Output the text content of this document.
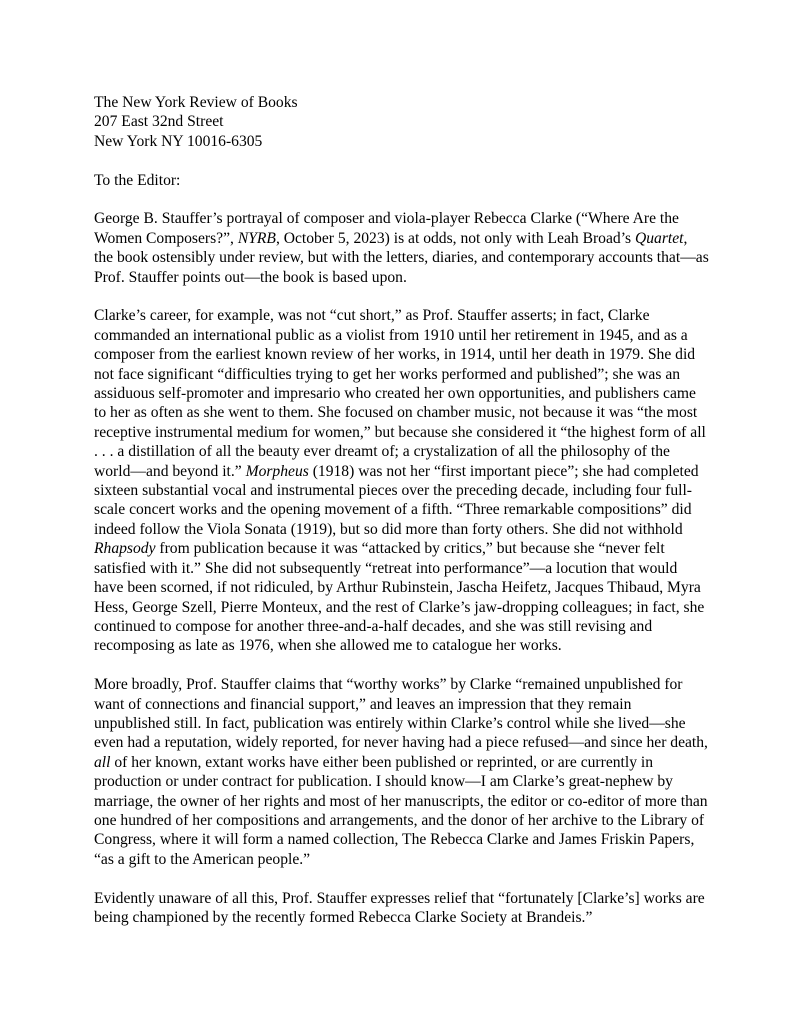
The New York Review of Books
207 East 32nd Street
New York NY 10016-6305

To the Editor:

George B. Stauffer’s portrayal of composer and viola-player Rebecca Clarke (“Where Are the Women Composers?”, NYRB, October 5, 2023) is at odds, not only with Leah Broad’s Quartet, the book ostensibly under review, but with the letters, diaries, and contemporary accounts that—as Prof. Stauffer points out—the book is based upon.

Clarke’s career, for example, was not “cut short,” as Prof. Stauffer asserts; in fact, Clarke commanded an international public as a violist from 1910 until her retirement in 1945, and as a composer from the earliest known review of her works, in 1914, until her death in 1979. She did not face significant “difficulties trying to get her works performed and published”; she was an assiduous self-promoter and impresario who created her own opportunities, and publishers came to her as often as she went to them. She focused on chamber music, not because it was “the most receptive instrumental medium for women,” but because she considered it “the highest form of all . . . a distillation of all the beauty ever dreamt of; a crystalization of all the philosophy of the world—and beyond it.” Morpheus (1918) was not her “first important piece”; she had completed sixteen substantial vocal and instrumental pieces over the preceding decade, including four full-scale concert works and the opening movement of a fifth. “Three remarkable compositions” did indeed follow the Viola Sonata (1919), but so did more than forty others. She did not withhold Rhapsody from publication because it was “attacked by critics,” but because she “never felt satisfied with it.” She did not subsequently “retreat into performance”—a locution that would have been scorned, if not ridiculed, by Arthur Rubinstein, Jascha Heifetz, Jacques Thibaud, Myra Hess, George Szell, Pierre Monteux, and the rest of Clarke’s jaw-dropping colleagues; in fact, she continued to compose for another three-and-a-half decades, and she was still revising and recomposing as late as 1976, when she allowed me to catalogue her works.

More broadly, Prof. Stauffer claims that “worthy works” by Clarke “remained unpublished for want of connections and financial support,” and leaves an impression that they remain unpublished still. In fact, publication was entirely within Clarke’s control while she lived—she even had a reputation, widely reported, for never having had a piece refused—and since her death, all of her known, extant works have either been published or reprinted, or are currently in production or under contract for publication. I should know—I am Clarke’s great-nephew by marriage, the owner of her rights and most of her manuscripts, the editor or co-editor of more than one hundred of her compositions and arrangements, and the donor of her archive to the Library of Congress, where it will form a named collection, The Rebecca Clarke and James Friskin Papers, “as a gift to the American people.”

Evidently unaware of all this, Prof. Stauffer expresses relief that “fortunately [Clarke’s] works are being championed by the recently formed Rebecca Clarke Society at Brandeis.”
